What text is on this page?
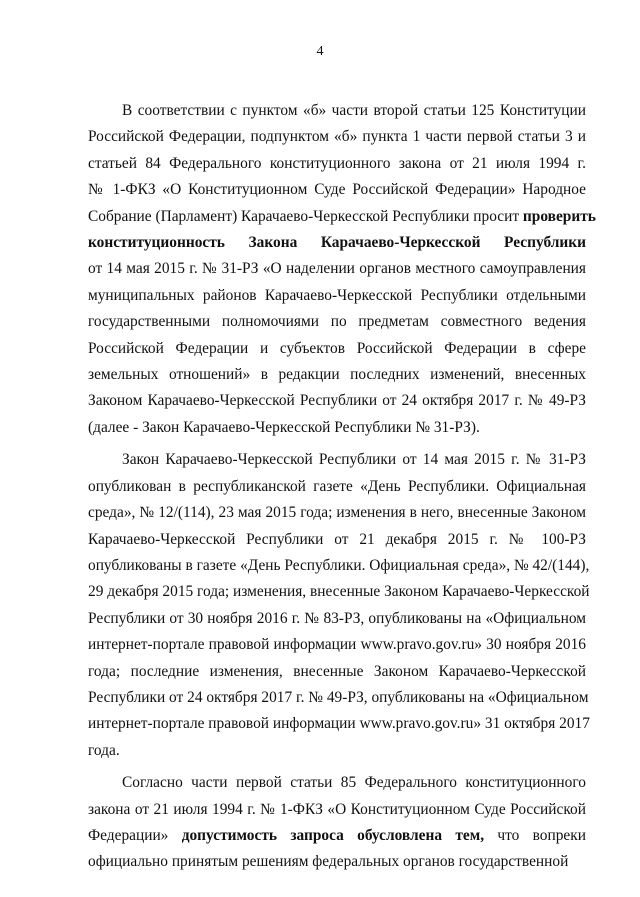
4
В соответствии с пунктом «б» части второй статьи 125 Конституции
Российской Федерации, подпунктом «б» пункта 1 части первой статьи 3 и
статьей 84 Федерального конституционного закона от 21 июля 1994 г.
№ 1-ФКЗ «О Конституционном Суде Российской Федерации» Народное
Собрание (Парламент) Карачаево-Черкесской Республики просит проверить
конституционность Закона Карачаево-Черкесской Республики
от 14 мая 2015 г. № 31-РЗ «О наделении органов местного самоуправления
муниципальных районов Карачаево-Черкесской Республики отдельными
государственными полномочиями по предметам совместного ведения
Российской Федерации и субъектов Российской Федерации в сфере
земельных отношений» в редакции последних изменений, внесенных
Законом Карачаево-Черкесской Республики от 24 октября 2017 г. № 49-РЗ
(далее - Закон Карачаево-Черкесской Республики № 31-РЗ).
Закон Карачаево-Черкесской Республики от 14 мая 2015 г. № 31-РЗ
опубликован в республиканской газете «День Республики. Официальная
среда», № 12/(114), 23 мая 2015 года; изменения в него, внесенные Законом
Карачаево-Черкесской Республики от 21 декабря 2015 г. № 100-РЗ
опубликованы в газете «День Республики. Официальная среда», № 42/(144),
29 декабря 2015 года; изменения, внесенные Законом Карачаево-Черкесской
Республики от 30 ноября 2016 г. № 83-РЗ, опубликованы на «Официальном
интернет-портале правовой информации www.pravo.gov.ru» 30 ноября 2016
года; последние изменения, внесенные Законом Карачаево-Черкесской
Республики от 24 октября 2017 г. № 49-РЗ, опубликованы на «Официальном
интернет-портале правовой информации www.pravo.gov.ru» 31 октября 2017
года.
Согласно части первой статьи 85 Федерального конституционного
закона от 21 июля 1994 г. № 1-ФКЗ «О Конституционном Суде Российской
Федерации» допустимость запроса обусловлена тем, что вопреки
официально принятым решениям федеральных органов государственной
